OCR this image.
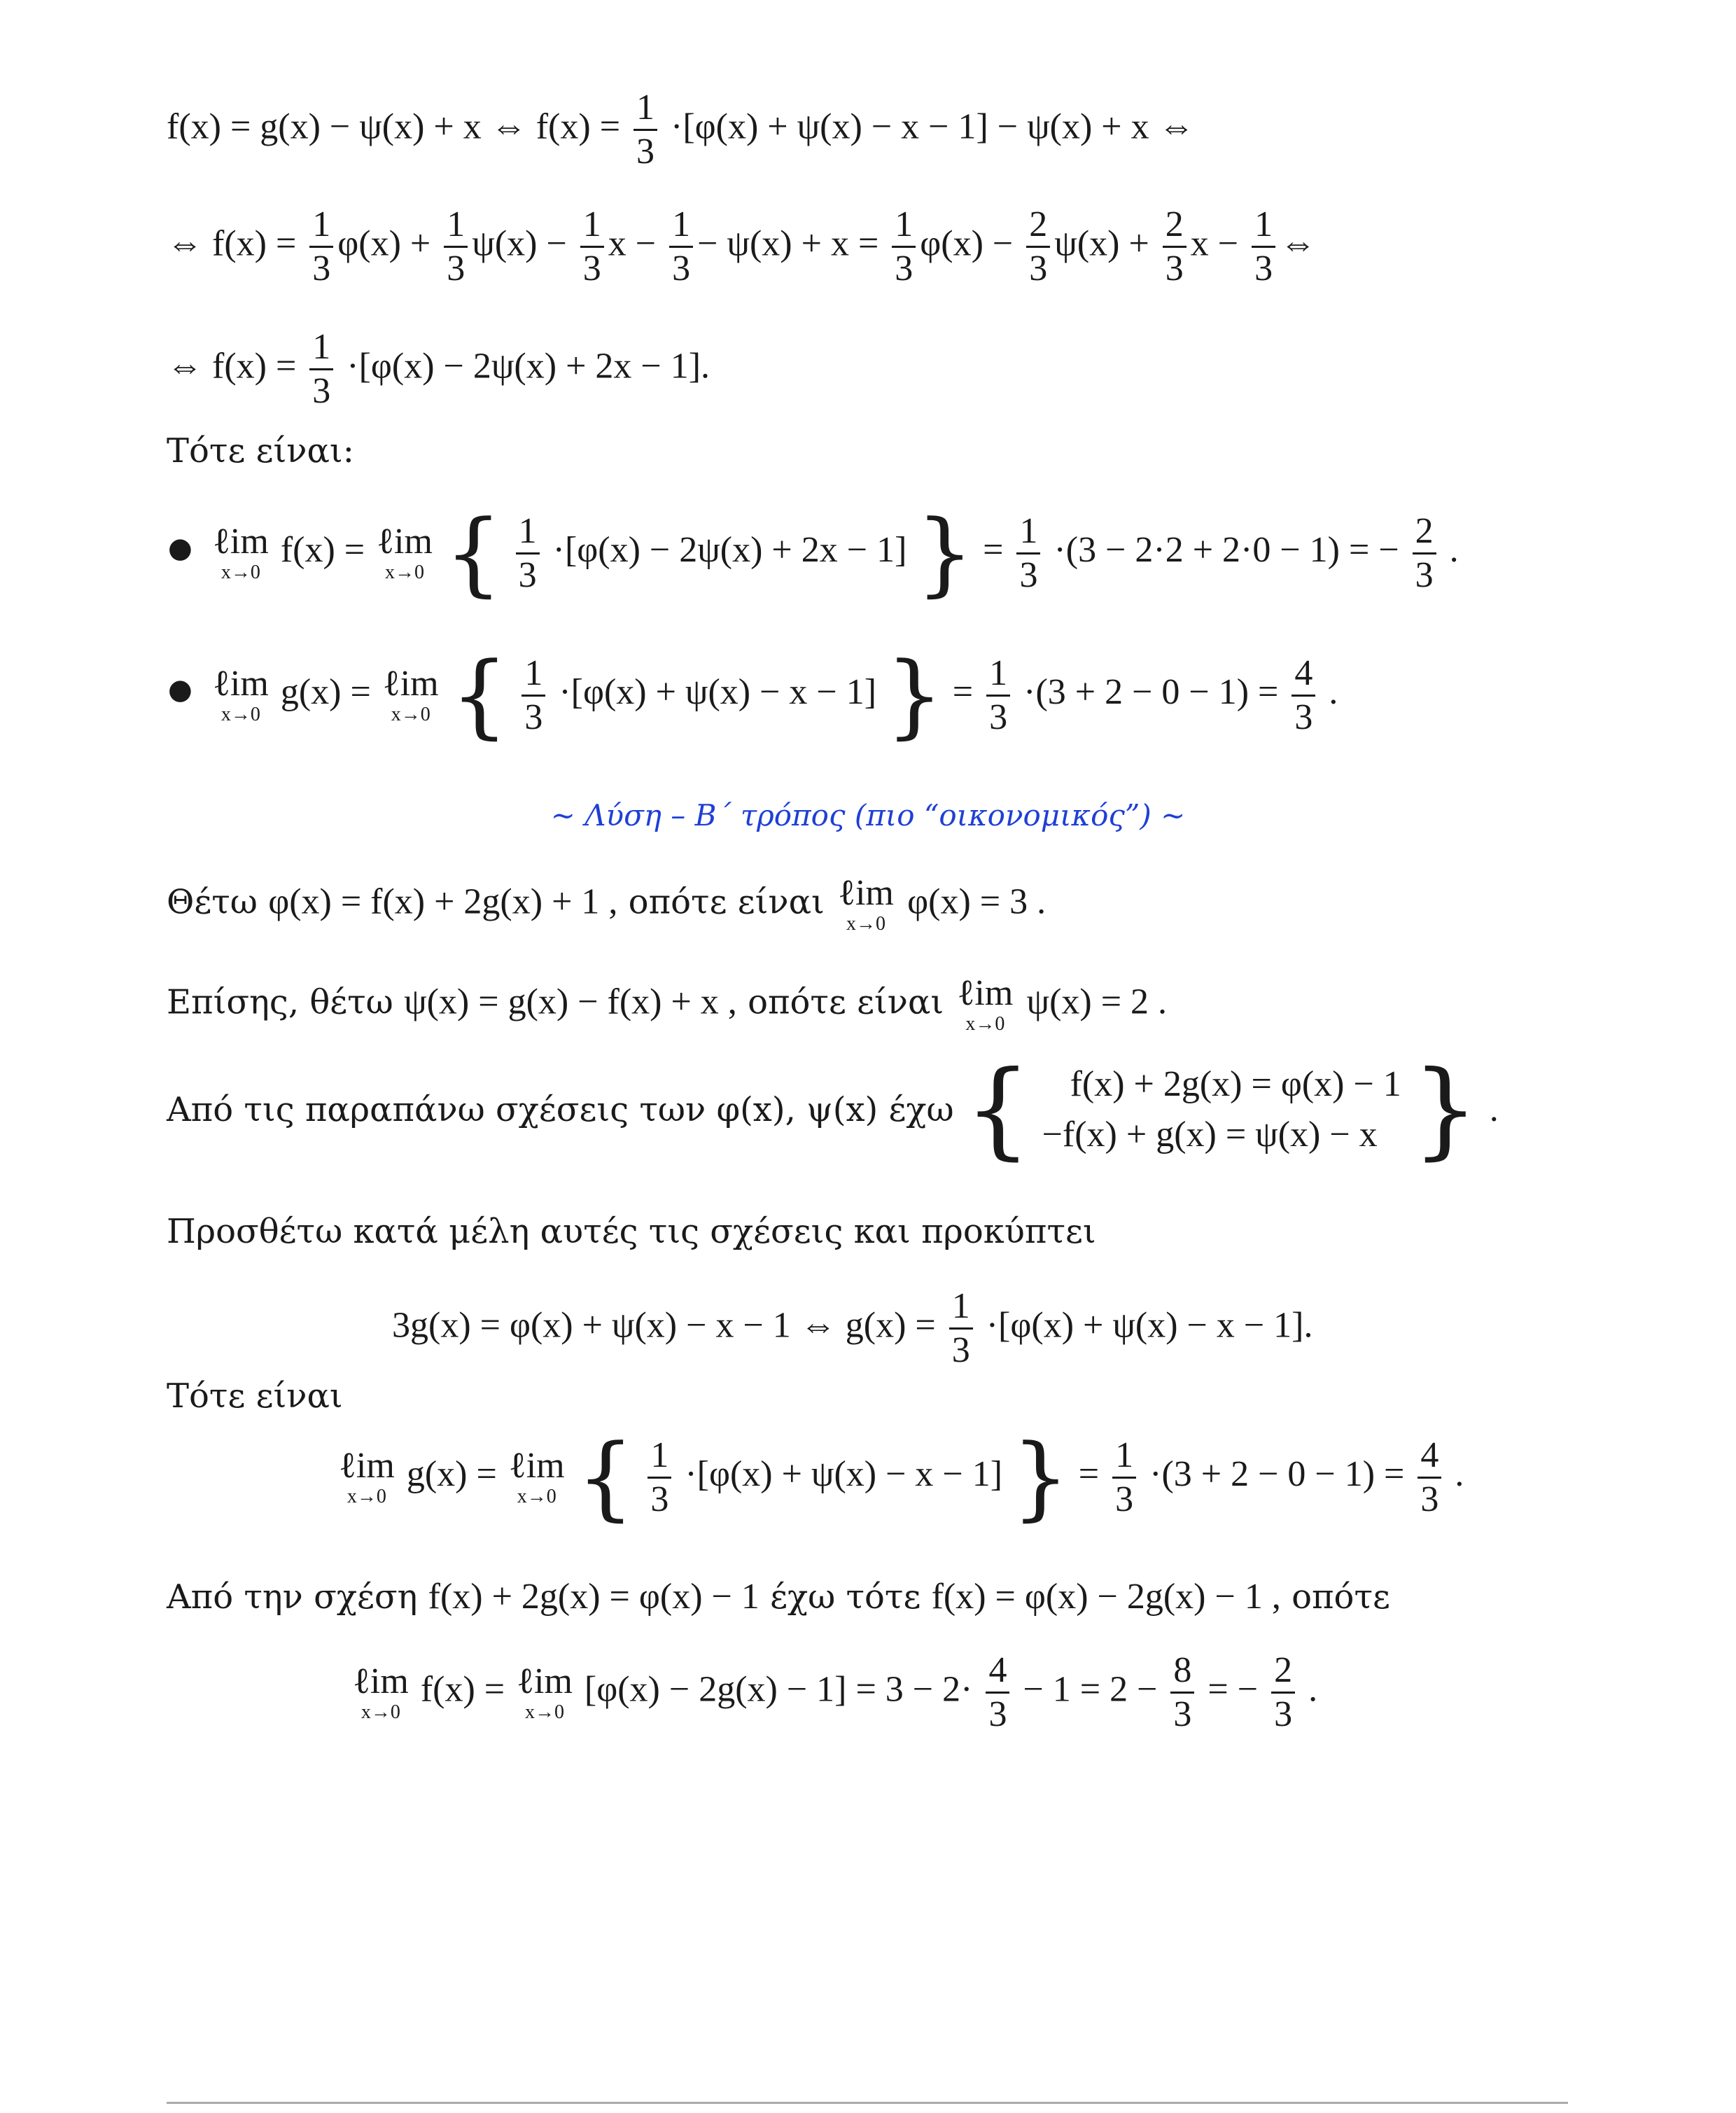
f(x) = g(x) − ψ(x) + x ⇔ $f(x) = \frac{1}{3} \cdot[\varphi(x) + \psi(x) - x - 1] - \psi(x) + x$ ⇔
⇔ $f(x) = \frac{1}{3} \varphi(x) + \frac{1}{3} \psi(x) - \frac{1}{3}$ $x - \frac{1}{3} - \psi(x) + x = \frac{1}{3} \varphi(x) - \frac{2}{3} \psi(x) + \frac{2}{3}$ $x - \frac{1}{3}$ ⇔
⇔ $f(x) = \frac{1}{3} \cdot[\varphi(x) - 2\psi(x) + 2x - 1]$.
Τότε είναι:
● ℓim
x→0
f(x) = ℓim
x→0 { $\frac{1}{3} \cdot[\varphi(x) - 2\psi(x) + 2x - 1]$ } = $\frac{1}{3} \cdot(3 - 2\cdot 2 + 2\cdot 0 - 1)$ = − $\frac{2}{3}$ .
● ℓim
x→0
g(x) = ℓim
x→0 { $\frac{1}{3} \cdot[\varphi(x) + \psi(x) - x - 1]$ } = $\frac{1}{3} \cdot(3 + 2 - 0 - 1) = \frac{4}{3}$ .
~ Λύση – Β΄ τρόπος (πιο “οικονομικός”) ~
Θέτω φ(x) = f(x) + 2g(x) + 1 , οπότε είναι ℓim
x→0
φ(x) = 3 .
Επίσης, θέτω ψ(x) = g(x) − f(x) + x , οπότε είναι ℓim
x→0
ψ(x) = 2 .
Από τις παραπάνω σχέσεις των φ(x), ψ(x) έχω {	f(x) + 2g(x) = φ(x) − 1
−f(x) + g(x) = ψ(x) − x } .
Προσθέτω κατά μέλη αυτές τις σχέσεις και προκύπτει
3g(x) = φ(x) + ψ(x) − x − 1 ⇔ $g(x) = \frac{1}{3} \cdot[\varphi(x) + \psi(x) - x - 1]$.
Τότε είναι
ℓim
x→0
g(x) = ℓim
x→0 { $\frac{1}{3} \cdot[\varphi(x) + \psi(x) - x - 1]$ } = $\frac{1}{3} \cdot(3 + 2 - 0 - 1) = \frac{4}{3}$ .
Από την σχέση f(x) + 2g(x) = φ(x) − 1 έχω τότε f(x) = φ(x) − 2g(x) − 1 , οπότε
ℓim
x→0
f(x) = ℓim
x→0
$[\varphi(x) - 2g(x) - 1] = 3 - 2\cdot \frac{4}{3} - 1 = 2 - \frac{8}{3}$ = − $\frac{2}{3}$ .
